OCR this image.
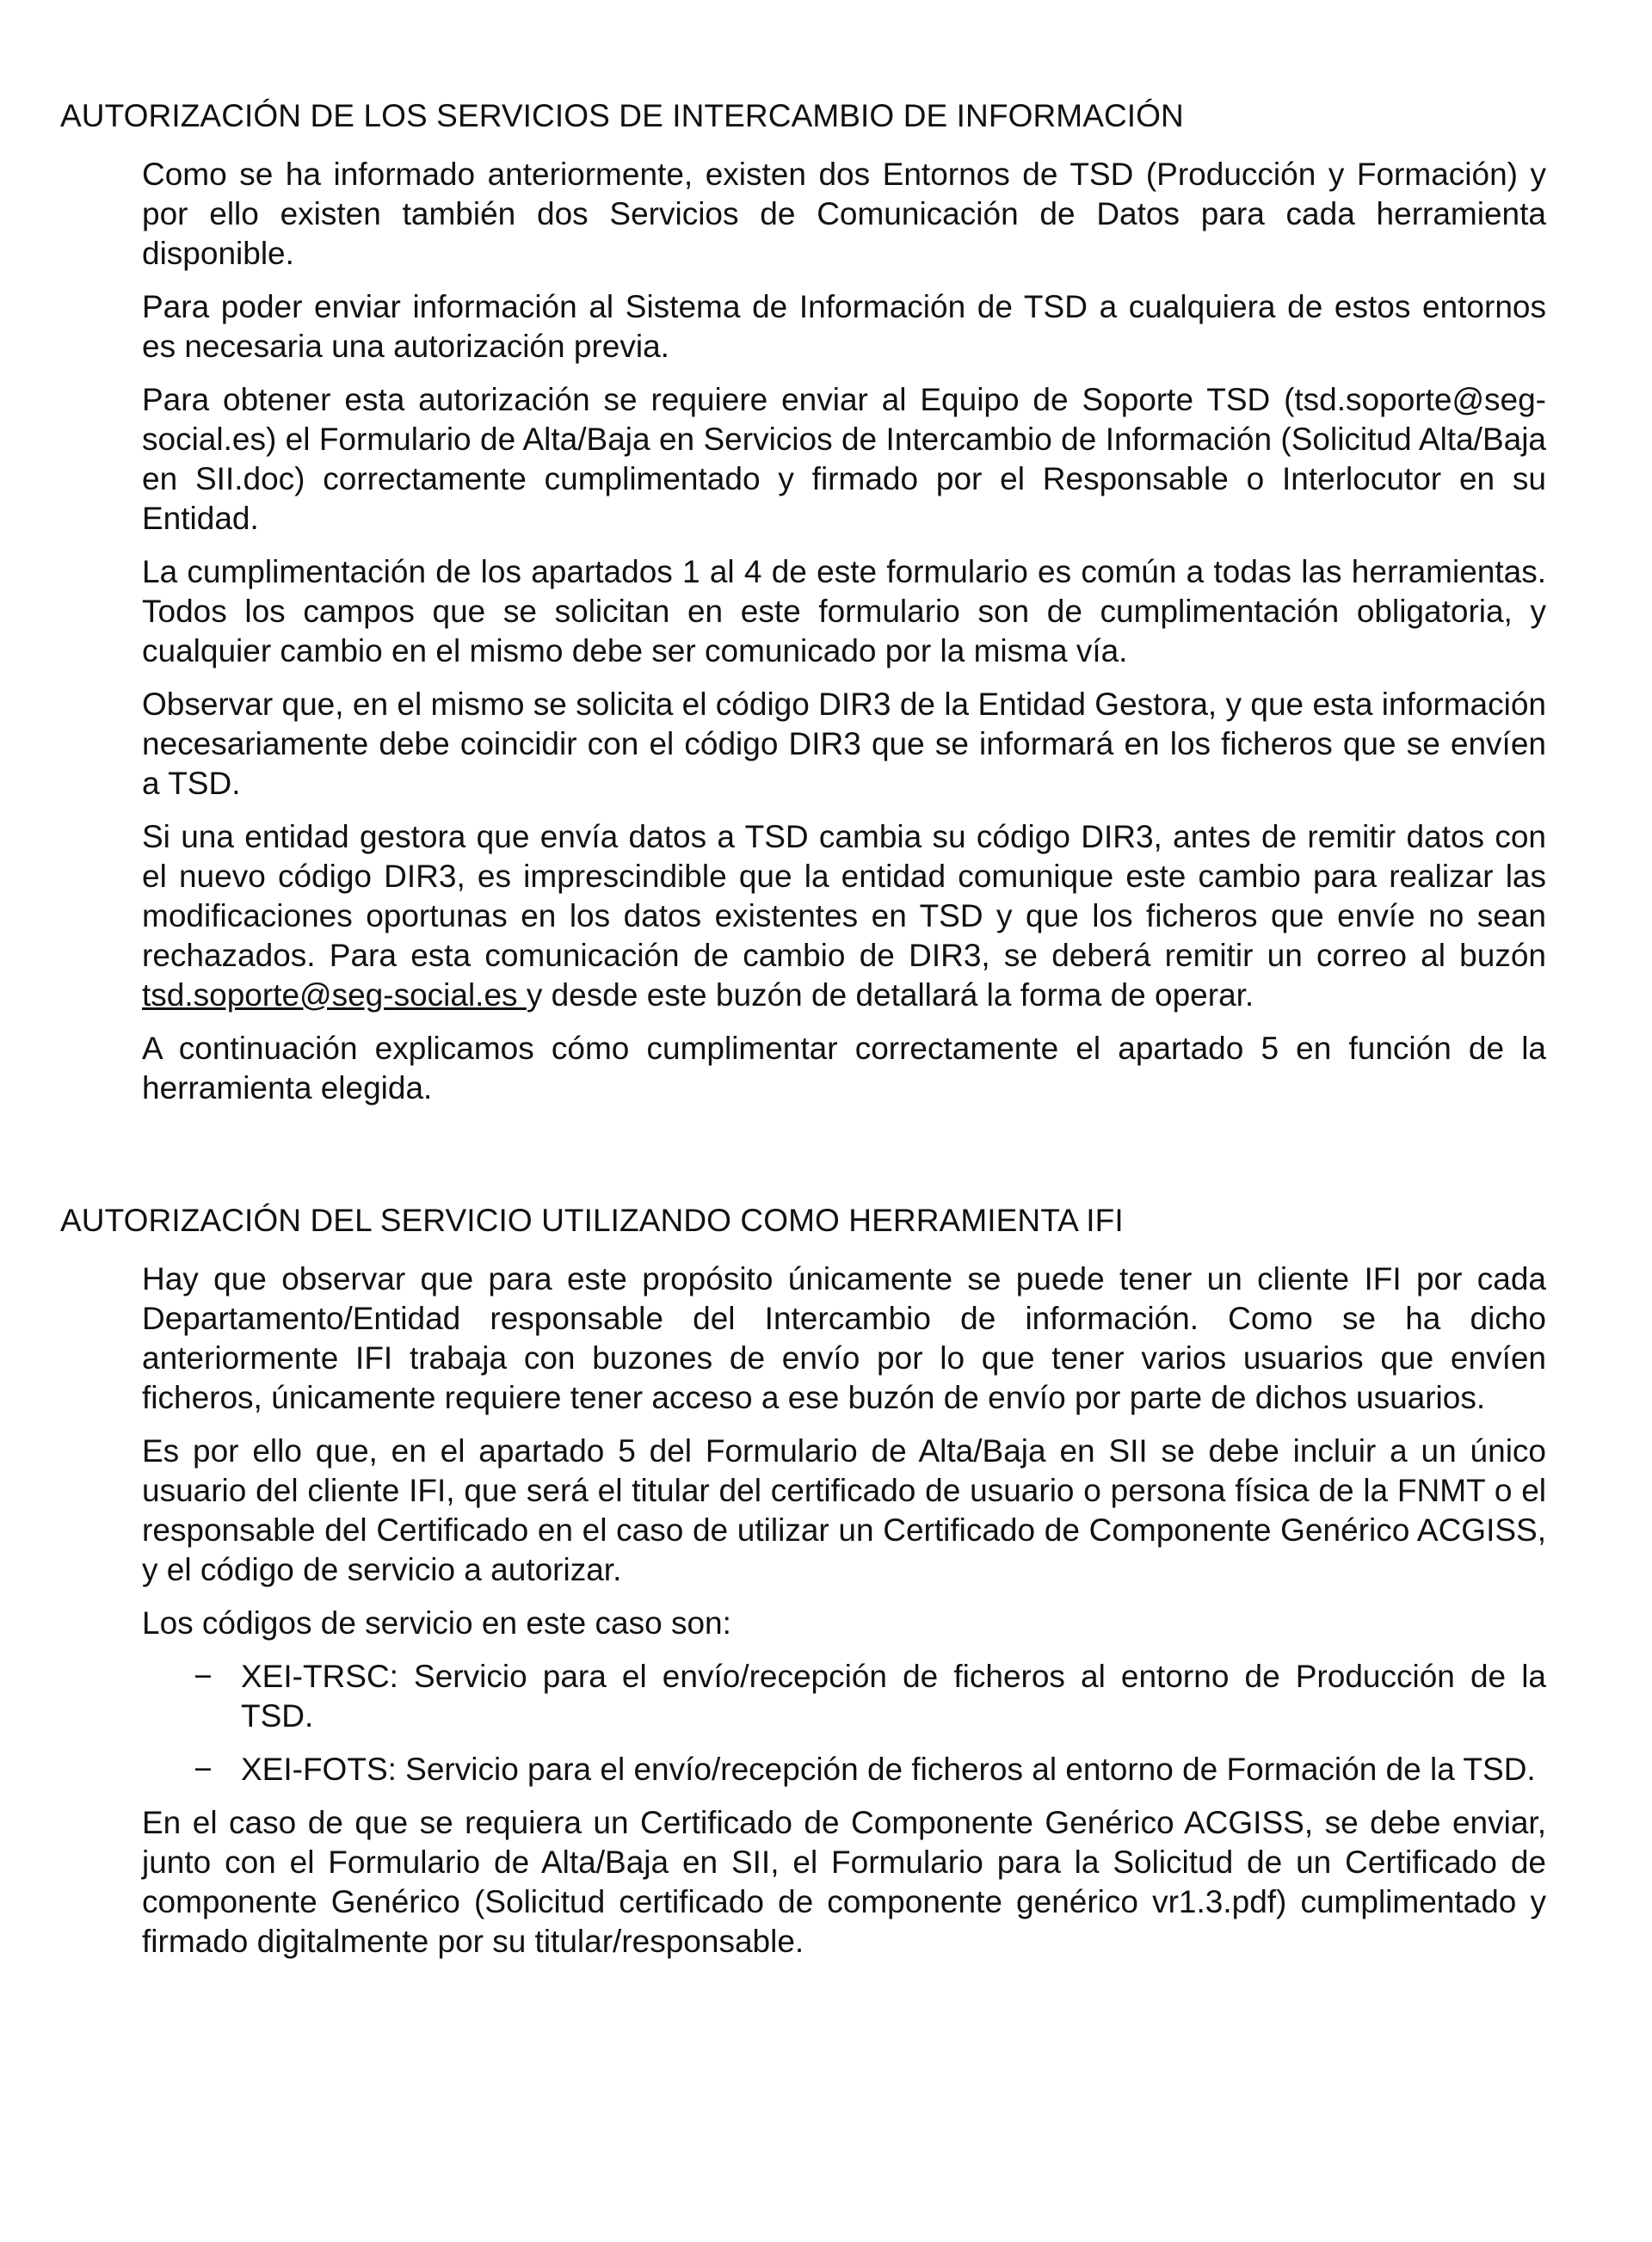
AUTORIZACIÓN DE LOS SERVICIOS DE INTERCAMBIO DE INFORMACIÓN

Como se ha informado anteriormente, existen dos Entornos de TSD (Producción y Formación) y por ello existen también dos Servicios de Comunicación de Datos para cada herramienta disponible.

Para poder enviar información al Sistema de Información de TSD a cualquiera de estos entornos es necesaria una autorización previa.

Para obtener esta autorización se requiere enviar al Equipo de Soporte TSD (tsd.soporte@seg-social.es) el Formulario de Alta/Baja en Servicios de Intercambio de Información (Solicitud Alta/Baja en SII.doc) correctamente cumplimentado y firmado por el Responsable o Interlocutor en su Entidad.

La cumplimentación de los apartados 1 al 4 de este formulario es común a todas las herramientas. Todos los campos que se solicitan en este formulario son de cumplimentación obligatoria, y cualquier cambio en el mismo debe ser comunicado por la misma vía.

Observar que, en el mismo se solicita el código DIR3 de la Entidad Gestora, y que esta información necesariamente debe coincidir con el código DIR3 que se informará en los ficheros que se envíen a TSD.

Si una entidad gestora que envía datos a TSD cambia su código DIR3, antes de remitir datos con el nuevo código DIR3, es imprescindible que la entidad comunique este cambio para realizar las modificaciones oportunas en los datos existentes en TSD y que los ficheros que envíe no sean rechazados. Para esta comunicación de cambio de DIR3, se deberá remitir un correo al buzón tsd.soporte@seg-social.es y desde este buzón de detallará la forma de operar.

A continuación explicamos cómo cumplimentar correctamente el apartado 5 en función de la herramienta elegida.

AUTORIZACIÓN DEL SERVICIO UTILIZANDO COMO HERRAMIENTA IFI

Hay que observar que para este propósito únicamente se puede tener un cliente IFI por cada Departamento/Entidad responsable del Intercambio de información. Como se ha dicho anteriormente IFI trabaja con buzones de envío por lo que tener varios usuarios que envíen ficheros, únicamente requiere tener acceso a ese buzón de envío por parte de dichos usuarios.

Es por ello que, en el apartado 5 del Formulario de Alta/Baja en SII se debe incluir a un único usuario del cliente IFI, que será el titular del certificado de usuario o persona física de la FNMT o el responsable del Certificado en el caso de utilizar un Certificado de Componente Genérico ACGISS, y el código de servicio a autorizar.

Los códigos de servicio en este caso son:

− XEI-TRSC: Servicio para el envío/recepción de ficheros al entorno de Producción de la TSD.
− XEI-FOTS: Servicio para el envío/recepción de ficheros al entorno de Formación de la TSD.

En el caso de que se requiera un Certificado de Componente Genérico ACGISS, se debe enviar, junto con el Formulario de Alta/Baja en SII, el Formulario para la Solicitud de un Certificado de componente Genérico (Solicitud certificado de componente genérico vr1.3.pdf) cumplimentado y firmado digitalmente por su titular/responsable.
